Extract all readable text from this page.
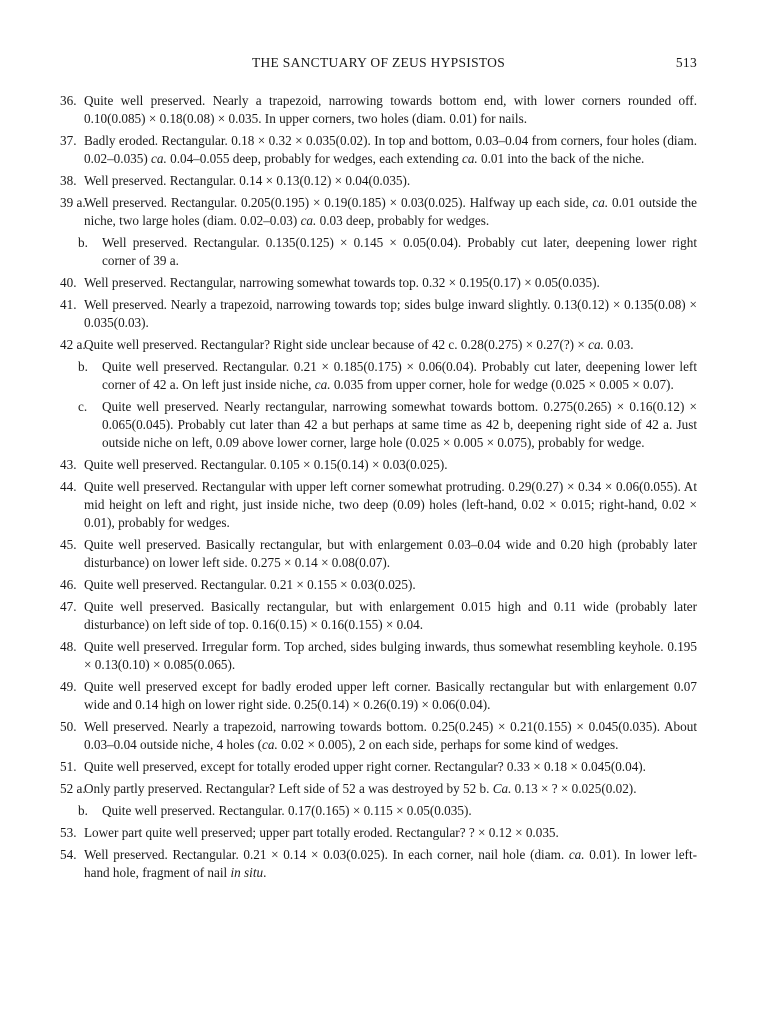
THE SANCTUARY OF ZEUS HYPSISTOS	513
36. Quite well preserved. Nearly a trapezoid, narrowing towards bottom end, with lower corners rounded off. 0.10(0.085) × 0.18(0.08) × 0.035. In upper corners, two holes (diam. 0.01) for nails.
37. Badly eroded. Rectangular. 0.18 × 0.32 × 0.035(0.02). In top and bottom, 0.03–0.04 from corners, four holes (diam. 0.02–0.035) ca. 0.04–0.055 deep, probably for wedges, each extending ca. 0.01 into the back of the niche.
38. Well preserved. Rectangular. 0.14 × 0.13(0.12) × 0.04(0.035).
39 a.
Well preserved. Rectangular. 0.205(0.195) × 0.19(0.185) × 0.03(0.025). Halfway up each side, ca. 0.01 outside the niche, two large holes (diam. 0.02–0.03) ca. 0.03 deep, probably for wedges.
b. Well preserved. Rectangular. 0.135(0.125) × 0.145 × 0.05(0.04). Probably cut later, deepening lower right corner of 39 a.
40. Well preserved. Rectangular, narrowing somewhat towards top. 0.32 × 0.195(0.17) × 0.05(0.035).
41. Well preserved. Nearly a trapezoid, narrowing towards top; sides bulge inward slightly. 0.13(0.12) × 0.135(0.08) × 0.035(0.03).
42 a.
Quite well preserved. Rectangular? Right side unclear because of 42 c. 0.28(0.275) × 0.27(?) × ca. 0.03.
b. Quite well preserved. Rectangular. 0.21 × 0.185(0.175) × 0.06(0.04). Probably cut later, deepening lower left corner of 42 a. On left just inside niche, ca. 0.035 from upper corner, hole for wedge (0.025 × 0.005 × 0.07).
c. Quite well preserved. Nearly rectangular, narrowing somewhat towards bottom. 0.275(0.265) × 0.16(0.12) × 0.065(0.045). Probably cut later than 42 a but perhaps at same time as 42 b, deepening right side of 42 a. Just outside niche on left, 0.09 above lower corner, large hole (0.025 × 0.005 × 0.075), probably for wedge.
43. Quite well preserved. Rectangular. 0.105 × 0.15(0.14) × 0.03(0.025).
44. Quite well preserved. Rectangular with upper left corner somewhat protruding. 0.29(0.27) × 0.34 × 0.06(0.055). At mid height on left and right, just inside niche, two deep (0.09) holes (left-hand, 0.02 × 0.015; right-hand, 0.02 × 0.01), probably for wedges.
45. Quite well preserved. Basically rectangular, but with enlargement 0.03–0.04 wide and 0.20 high (probably later disturbance) on lower left side. 0.275 × 0.14 × 0.08(0.07).
46. Quite well preserved. Rectangular. 0.21 × 0.155 × 0.03(0.025).
47. Quite well preserved. Basically rectangular, but with enlargement 0.015 high and 0.11 wide (probably later disturbance) on left side of top. 0.16(0.15) × 0.16(0.155) × 0.04.
48. Quite well preserved. Irregular form. Top arched, sides bulging inwards, thus somewhat resembling keyhole. 0.195 × 0.13(0.10) × 0.085(0.065).
49. Quite well preserved except for badly eroded upper left corner. Basically rectangular but with enlargement 0.07 wide and 0.14 high on lower right side. 0.25(0.14) × 0.26(0.19) × 0.06(0.04).
50. Well preserved. Nearly a trapezoid, narrowing towards bottom. 0.25(0.245) × 0.21(0.155) × 0.045(0.035). About 0.03–0.04 outside niche, 4 holes (ca. 0.02 × 0.005), 2 on each side, perhaps for some kind of wedges.
51. Quite well preserved, except for totally eroded upper right corner. Rectangular? 0.33 × 0.18 × 0.045(0.04).
52 a.
Only partly preserved. Rectangular? Left side of 52 a was destroyed by 52 b. Ca. 0.13 × ? × 0.025(0.02).
b. Quite well preserved. Rectangular. 0.17(0.165) × 0.115 × 0.05(0.035).
53. Lower part quite well preserved; upper part totally eroded. Rectangular? ? × 0.12 × 0.035.
54. Well preserved. Rectangular. 0.21 × 0.14 × 0.03(0.025). In each corner, nail hole (diam. ca. 0.01). In lower left-hand hole, fragment of nail in situ.
